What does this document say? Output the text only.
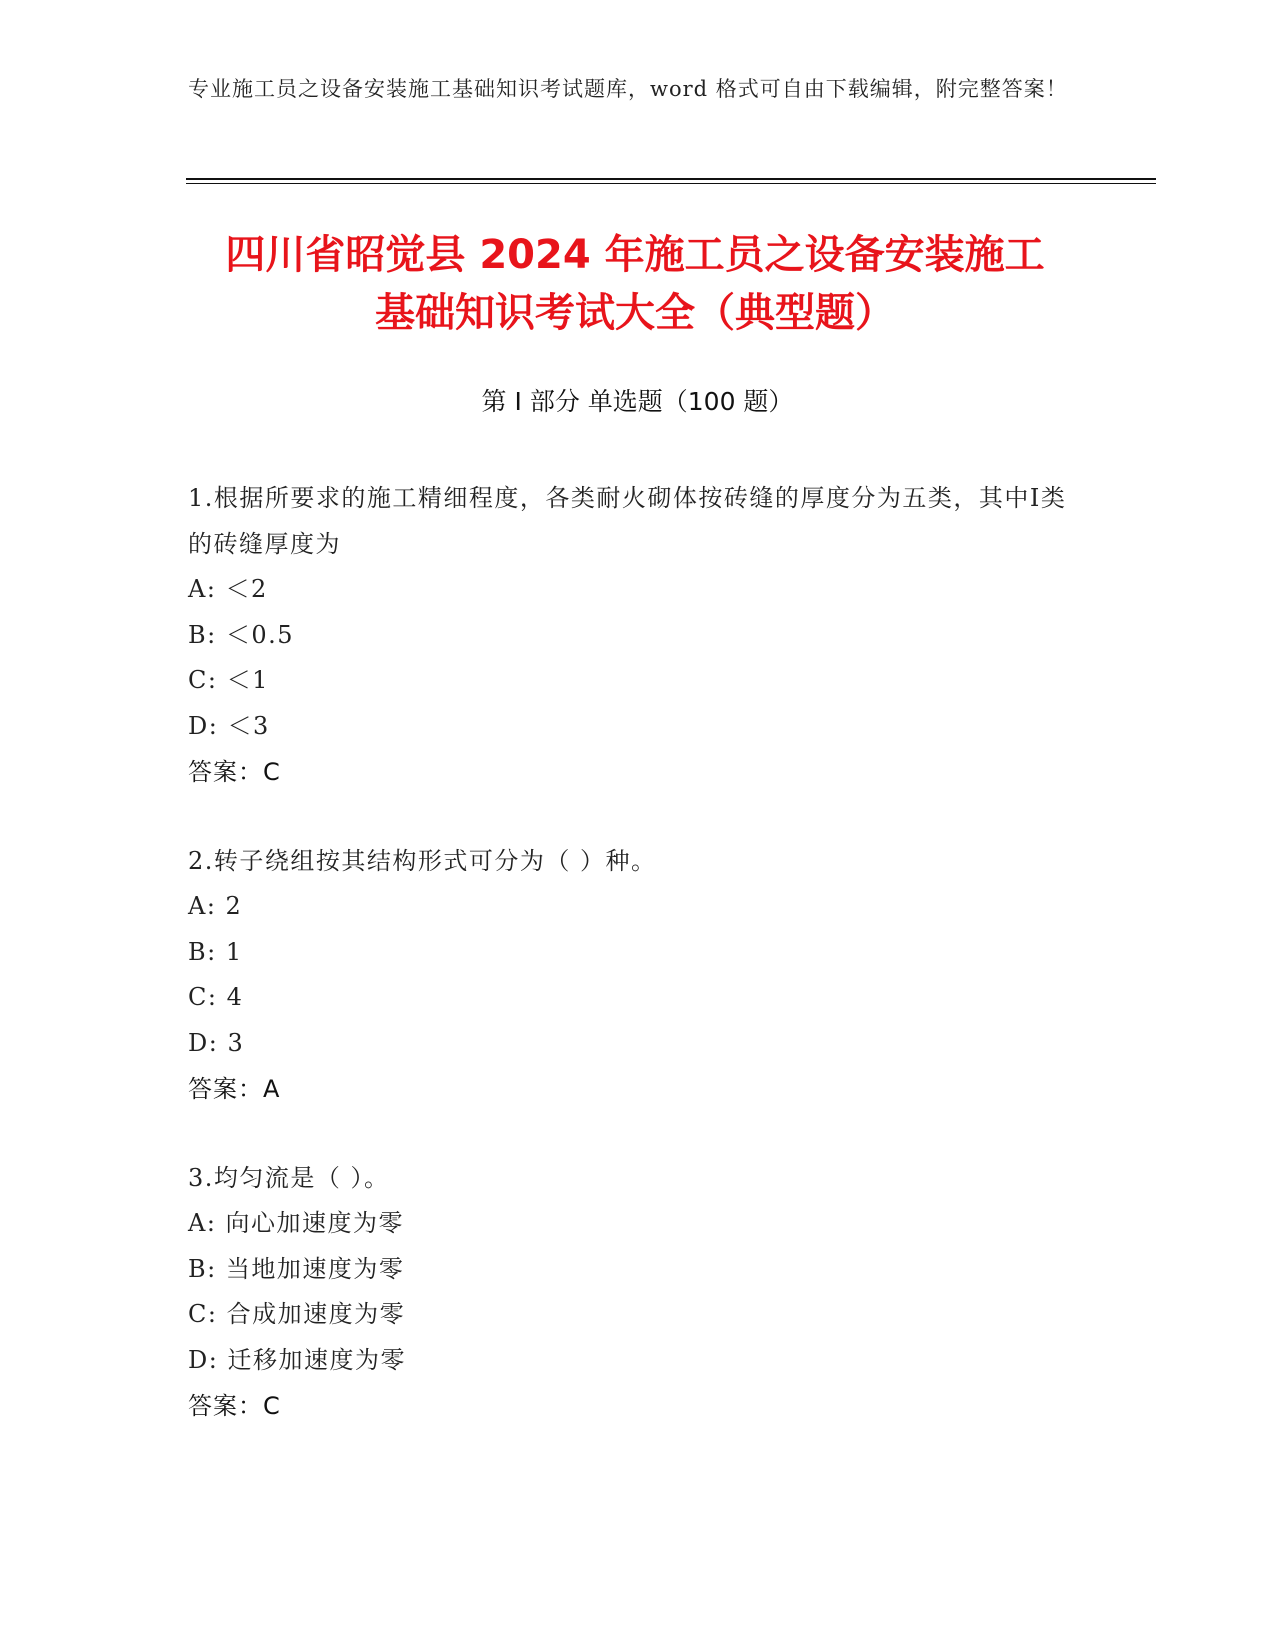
专业施工员之设备安装施工基础知识考试题库，word 格式可自由下载编辑，附完整答案！
四川省昭觉县 2024 年施工员之设备安装施工
基础知识考试大全（典型题）
第 I 部分 单选题（100 题）
1.根据所要求的施工精细程度，各类耐火砌体按砖缝的厚度分为五类，其中Ⅰ类的砖缝厚度为
A: ＜2
B: ＜0.5
C: ＜1
D: ＜3
答案：C
2.转子绕组按其结构形式可分为（ ）种。
A: 2
B: 1
C: 4
D: 3
答案：A
3.均匀流是（ ）。
A: 向心加速度为零
B: 当地加速度为零
C: 合成加速度为零
D: 迁移加速度为零
答案：C
